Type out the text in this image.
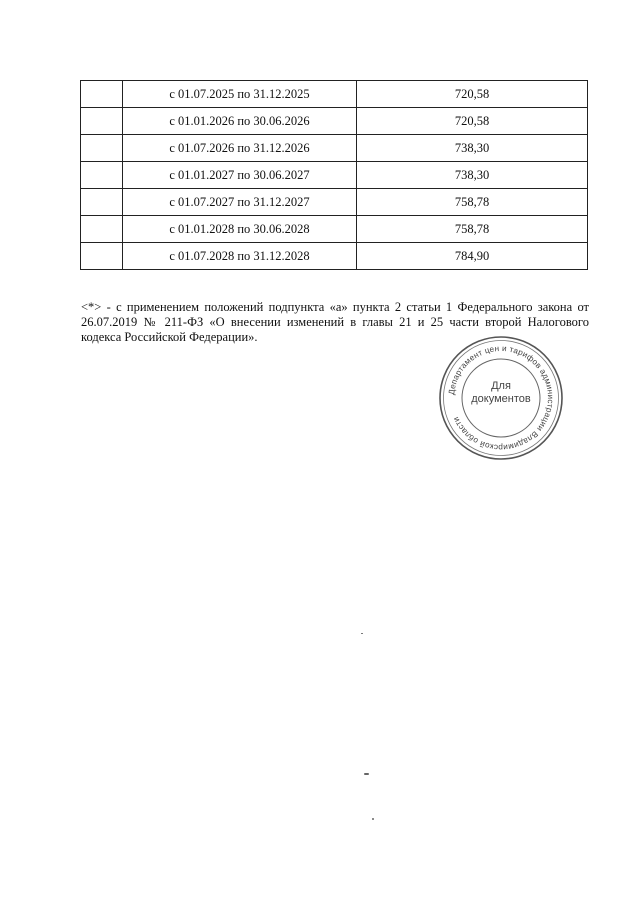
	с 01.07.2025 по 31.12.2025	720,58
	с 01.01.2026 по 30.06.2026	720,58
	с 01.07.2026 по 31.12.2026	738,30
	с 01.01.2027 по 30.06.2027	738,30
	с 01.07.2027 по 31.12.2027	758,78
	с 01.01.2028 по 30.06.2028	758,78
	с 01.07.2028 по 31.12.2028	784,90

<*> - с применением положений подпункта «а» пункта 2 статьи 1 Федерального закона от 26.07.2019 № 211-ФЗ «О внесении изменений в главы 21 и 25 части второй Налогового кодекса Российской Федерации».

Департамент цен и тарифов администрации Владимирской области
Для
документов
